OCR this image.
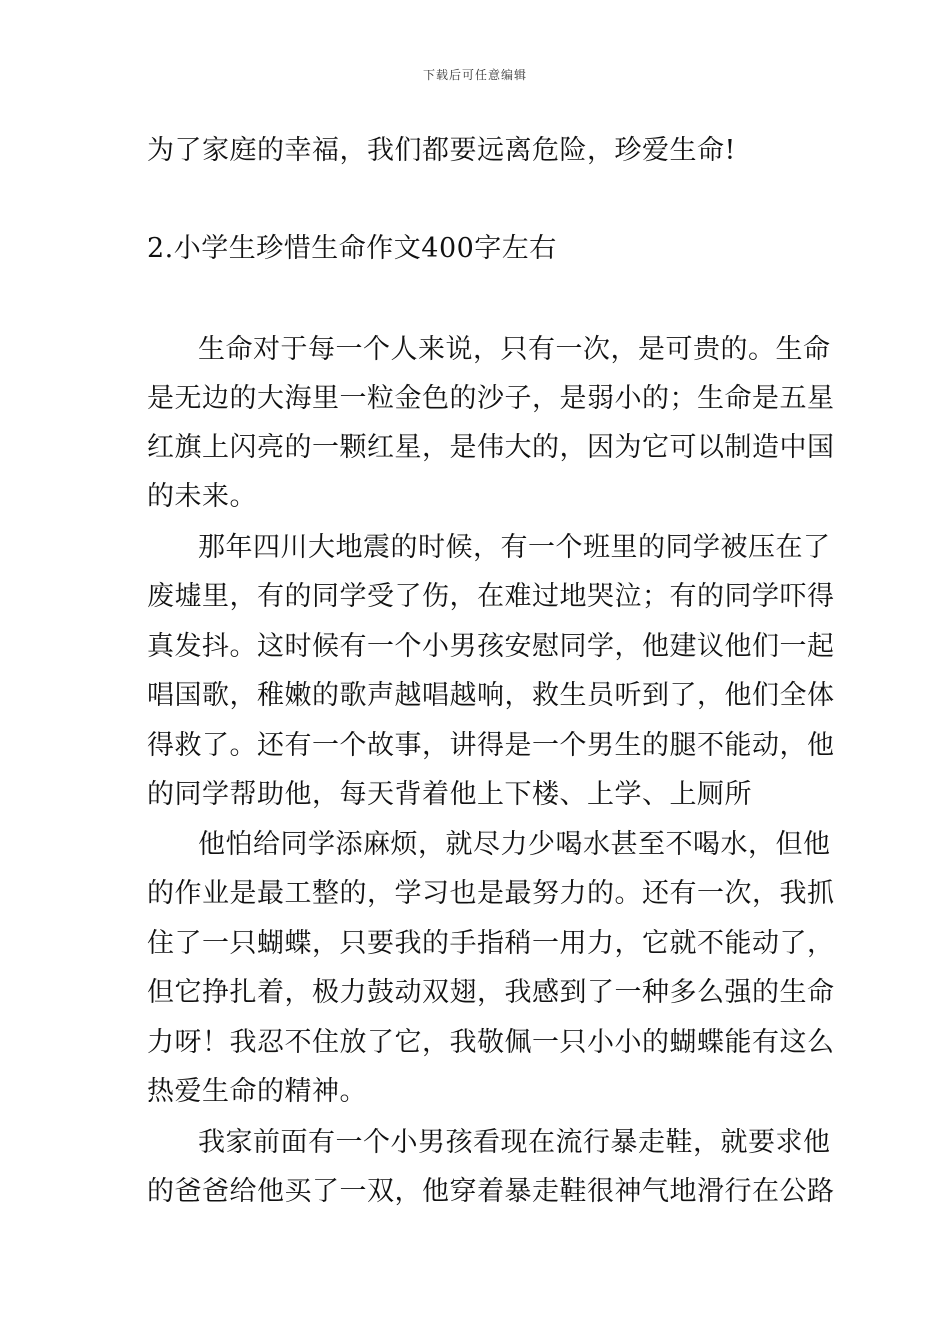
下载后可任意编辑
为了家庭的幸福，我们都要远离危险，珍爱生命!
2.小学生珍惜生命作文400字左右
生命对于每一个人来说，只有一次，是可贵的。生命
是无边的大海里一粒金色的沙子，是弱小的；生命是五星
红旗上闪亮的一颗红星，是伟大的，因为它可以制造中国
的未来。
那年四川大地震的时候，有一个班里的同学被压在了
废墟里，有的同学受了伤，在难过地哭泣；有的同学吓得
真发抖。这时候有一个小男孩安慰同学，他建议他们一起
唱国歌，稚嫩的歌声越唱越响，救生员听到了，他们全体
得救了。还有一个故事，讲得是一个男生的腿不能动，他
的同学帮助他，每天背着他上下楼、上学、上厕所
他怕给同学添麻烦，就尽力少喝水甚至不喝水，但他
的作业是最工整的，学习也是最努力的。还有一次，我抓
住了一只蝴蝶，只要我的手指稍一用力，它就不能动了，
但它挣扎着，极力鼓动双翅，我感到了一种多么强的生命
力呀！我忍不住放了它，我敬佩一只小小的蝴蝶能有这么
热爱生命的精神。
我家前面有一个小男孩看现在流行暴走鞋，就要求他
的爸爸给他买了一双，他穿着暴走鞋很神气地滑行在公路
